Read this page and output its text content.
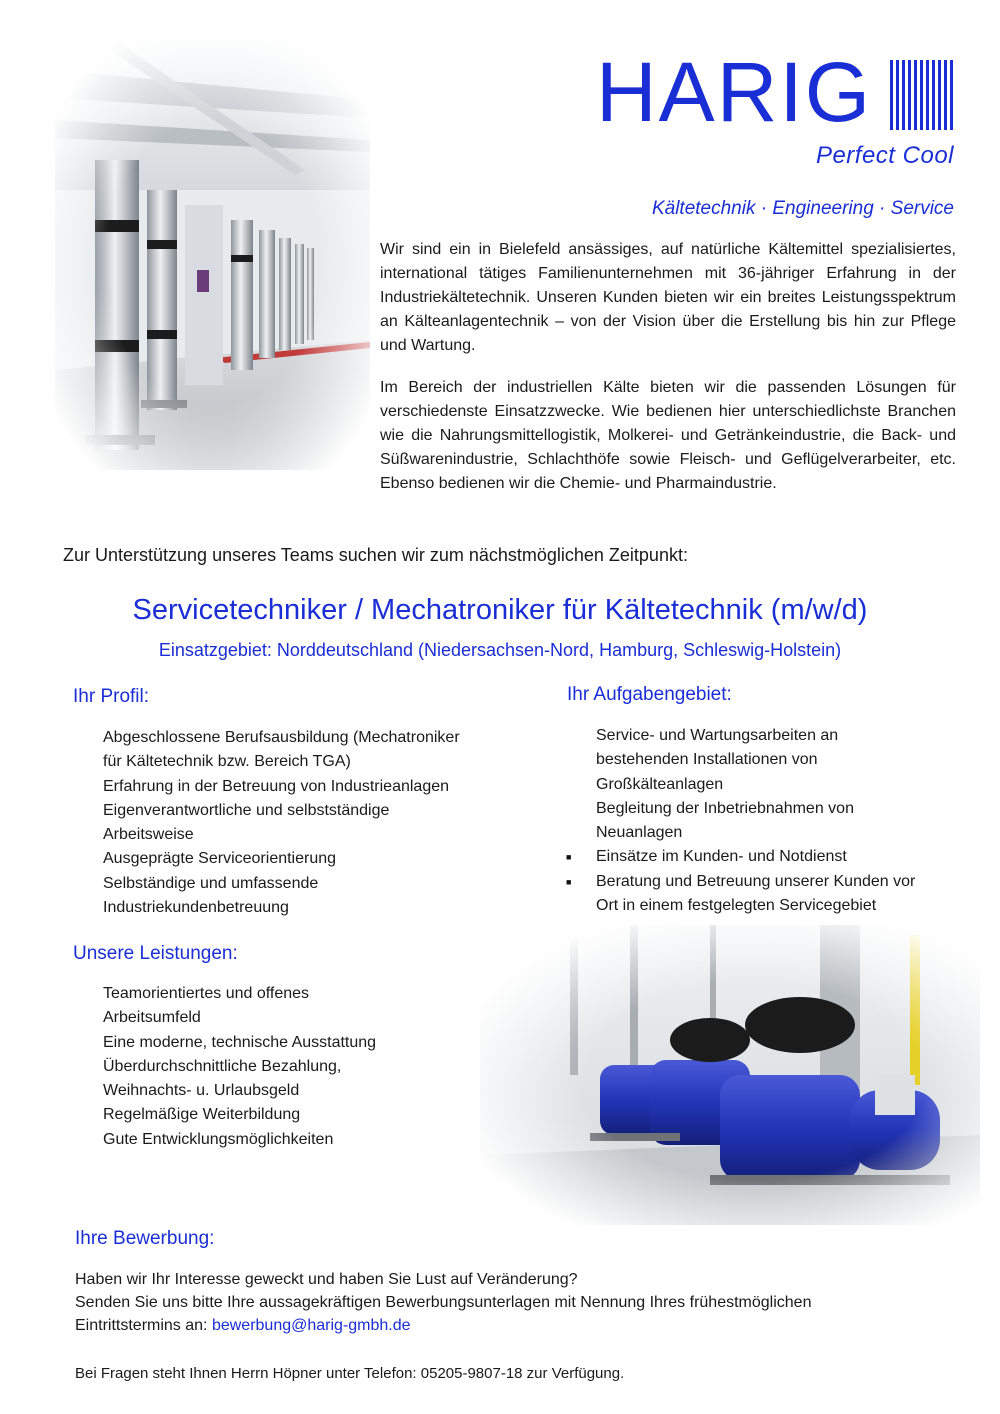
HARIG
Perfect Cool
Kältetechnik · Engineering · Service

Wir sind ein in Bielefeld ansässiges, auf natürliche Kältemittel spezialisiertes, international tätiges Familienunternehmen mit 36-jähriger Erfahrung in der Industriekältetechnik. Unseren Kunden bieten wir ein breites Leistungsspektrum an Kälteanlagentechnik – von der Vision über die Erstellung bis hin zur Pflege und Wartung.

Im Bereich der industriellen Kälte bieten wir die passenden Lösungen für verschiedenste Einsatzzwecke. Wie bedienen hier unterschiedlichste Branchen wie die Nahrungsmittellogistik, Molkerei- und Getränkeindustrie, die Back- und Süßwarenindustrie, Schlachthöfe sowie Fleisch- und Geflügelverarbeiter, etc. Ebenso bedienen wir die Chemie- und Pharmaindustrie.

Zur Unterstützung unseres Teams suchen wir zum nächstmöglichen Zeitpunkt:
Servicetechniker / Mechatroniker für Kältetechnik (m/w/d)
Einsatzgebiet: Norddeutschland (Niedersachsen-Nord, Hamburg, Schleswig-Holstein)
Ihr Profil:
Abgeschlossene Berufsausbildung (Mechatroniker
für Kältetechnik bzw. Bereich TGA)
Erfahrung in der Betreuung von Industrieanlagen
Eigenverantwortliche und selbstständige
Arbeitsweise
Ausgeprägte Serviceorientierung
Selbständige und umfassende
Industriekundenbetreuung
Ihr Aufgabengebiet:
Service- und Wartungsarbeiten an
bestehenden Installationen von
Großkälteanlagen
Begleitung der Inbetriebnahmen von
Neuanlagen
■ Einsätze im Kunden- und Notdienst
■ Beratung und Betreuung unserer Kunden vor
Ort in einem festgelegten Servicegebiet
Unsere Leistungen:
Teamorientiertes und offenes
Arbeitsumfeld
Eine moderne, technische Ausstattung
Überdurchschnittliche Bezahlung,
Weihnachts- u. Urlaubsgeld
Regelmäßige Weiterbildung
Gute Entwicklungsmöglichkeiten
Ihre Bewerbung:
Haben wir Ihr Interesse geweckt und haben Sie Lust auf Veränderung?
Senden Sie uns bitte Ihre aussagekräftigen Bewerbungsunterlagen mit Nennung Ihres frühestmöglichen
Eintrittstermins an: bewerbung@harig-gmbh.de
Bei Fragen steht Ihnen Herrn Höpner unter Telefon: 05205-9807-18 zur Verfügung.
